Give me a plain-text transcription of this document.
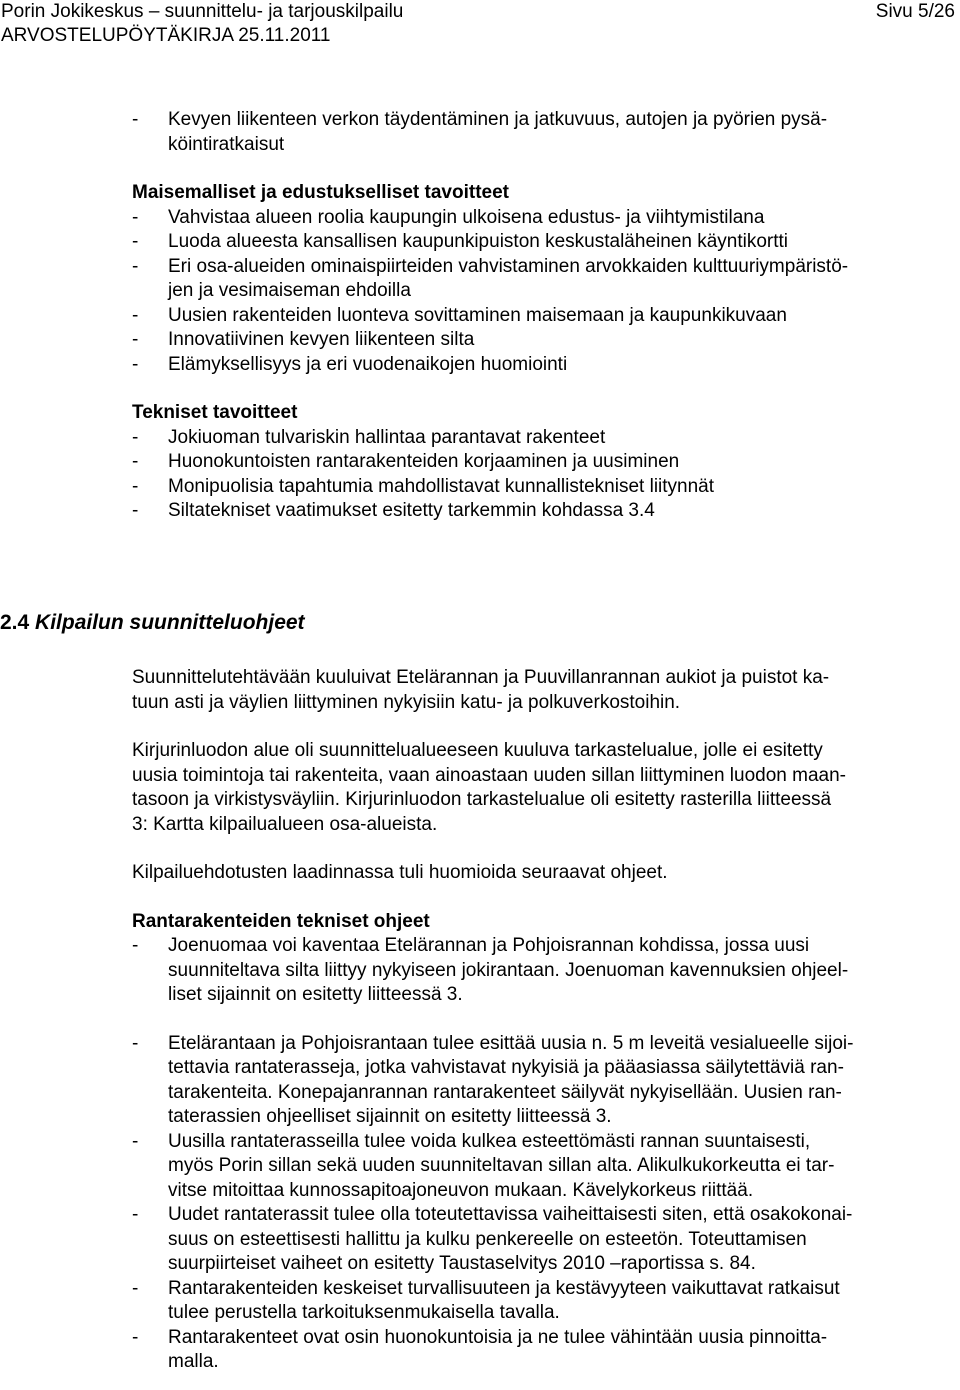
Porin Jokikeskus – suunnittelu- ja tarjouskilpailu	Sivu 5/26
ARVOSTELUPÖYTÄKIRJA 25.11.2011
- Kevyen liikenteen verkon täydentäminen ja jatkuvuus, autojen ja pyörien pysä-
köintiratkaisut
Maisemalliset ja edustukselliset tavoitteet
- Vahvistaa alueen roolia kaupungin ulkoisena edustus- ja viihtymistilana
- Luoda alueesta kansallisen kaupunkipuiston keskustaläheinen käyntikortti
- Eri osa-alueiden ominaispiirteiden vahvistaminen arvokkaiden kulttuuriympäristö-
jen ja vesimaiseman ehdoilla
- Uusien rakenteiden luonteva sovittaminen maisemaan ja kaupunkikuvaan
- Innovatiivinen kevyen liikenteen silta
- Elämyksellisyys ja eri vuodenaikojen huomiointi
Tekniset tavoitteet
- Jokiuoman tulvariskin hallintaa parantavat rakenteet
- Huonokuntoisten rantarakenteiden korjaaminen ja uusiminen
- Monipuolisia tapahtumia mahdollistavat kunnallistekniset liitynnät
- Siltatekniset vaatimukset esitetty tarkemmin kohdassa 3.4
2.4 Kilpailun suunnitteluohjeet

Suunnittelutehtävään kuuluivat Etelärannan ja Puuvillanrannan aukiot ja puistot ka-
tuun asti ja väylien liittyminen nykyisiin katu- ja polkuverkostoihin.

Kirjurinluodon alue oli suunnittelualueeseen kuuluva tarkastelualue, jolle ei esitetty
uusia toimintoja tai rakenteita, vaan ainoastaan uuden sillan liittyminen luodon maan-
tasoon ja virkistysväyliin. Kirjurinluodon tarkastelualue oli esitetty rasterilla liitteessä
3: Kartta kilpailualueen osa-alueista.

Kilpailuehdotusten laadinnassa tuli huomioida seuraavat ohjeet.

Rantarakenteiden tekniset ohjeet
- Joenuomaa voi kaventaa Etelärannan ja Pohjoisrannan kohdissa, jossa uusi
suunniteltava silta liittyy nykyiseen jokirantaan. Joenuoman kavennuksien ohjeel-
liset sijainnit on esitetty liitteessä 3.
- Etelärantaan ja Pohjoisrantaan tulee esittää uusia n. 5 m leveitä vesialueelle sijoi-
tettavia rantaterasseja, jotka vahvistavat nykyisiä ja pääasiassa säilytettäviä ran-
tarakenteita. Konepajanrannan rantarakenteet säilyvät nykyisellään. Uusien ran-
taterassien ohjeelliset sijainnit on esitetty liitteessä 3.
- Uusilla rantaterasseilla tulee voida kulkea esteettömästi rannan suuntaisesti,
myös Porin sillan sekä uuden suunniteltavan sillan alta. Alikulkukorkeutta ei tar-
vitse mitoittaa kunnossapitoajoneuvon mukaan. Kävelykorkeus riittää.
- Uudet rantaterassit tulee olla toteutettavissa vaiheittaisesti siten, että osakokonai-
suus on esteettisesti hallittu ja kulku penkereelle on esteetön. Toteuttamisen
suurpiirteiset vaiheet on esitetty Taustaselvitys 2010 –raportissa s. 84.
- Rantarakenteiden keskeiset turvallisuuteen ja kestävyyteen vaikuttavat ratkaisut
tulee perustella tarkoituksenmukaisella tavalla.
- Rantarakenteet ovat osin huonokuntoisia ja ne tulee vähintään uusia pinnoitta-
malla.
